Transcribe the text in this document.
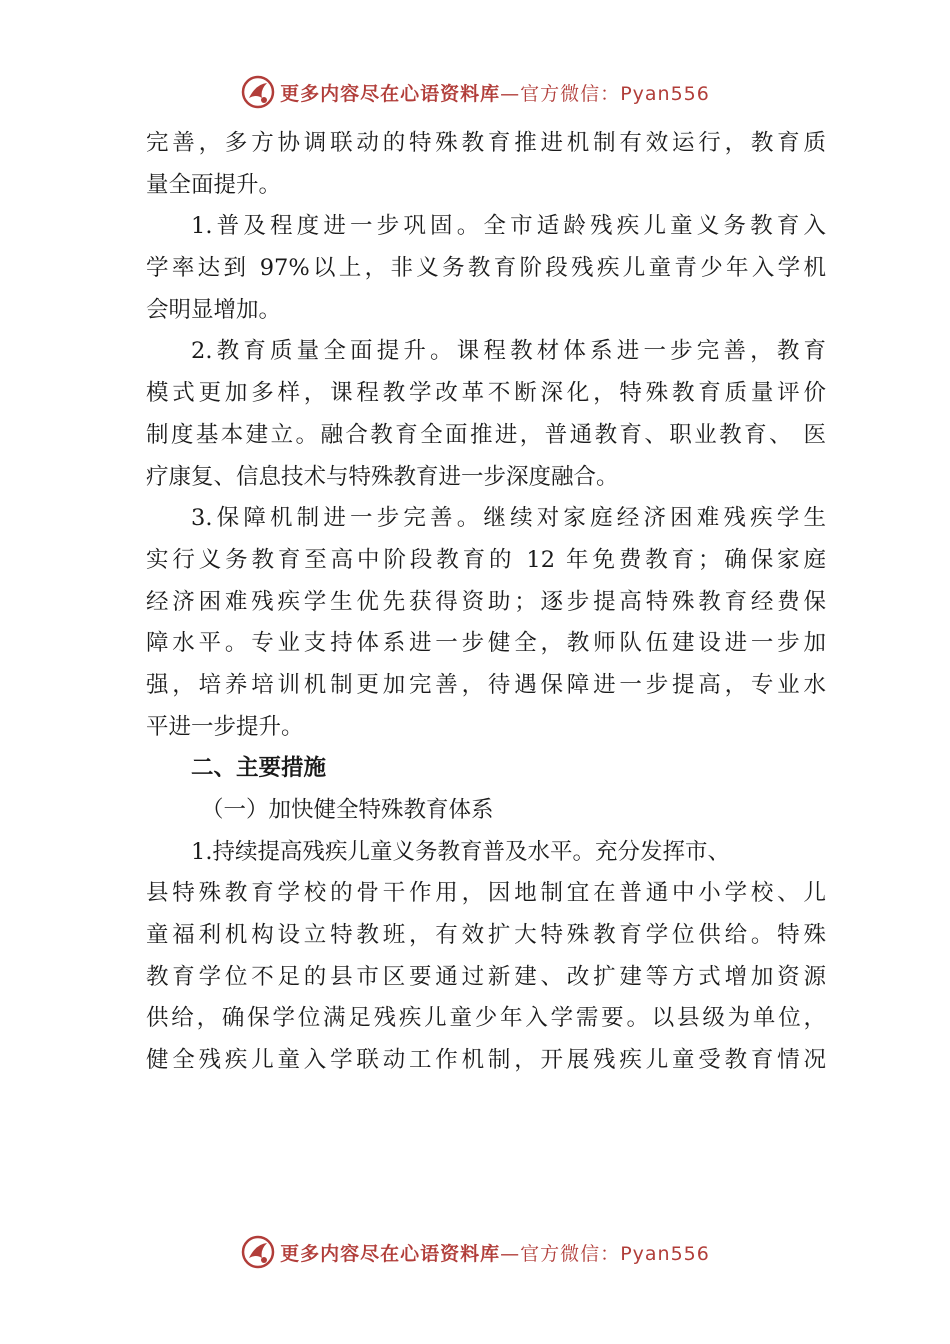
更多内容尽在心语资料库—官方微信：Pyan556
完善，多方协调联动的特殊教育推进机制有效运行，教育质
量全面提升。
1.普及程度进一步巩固。全市适龄残疾儿童义务教育入
学率达到 97%以上，非义务教育阶段残疾儿童青少年入学机
会明显增加。
2.教育质量全面提升。课程教材体系进一步完善，教育
模式更加多样，课程教学改革不断深化，特殊教育质量评价
制度基本建立。融合教育全面推进，普通教育、职业教育、 医
疗康复、信息技术与特殊教育进一步深度融合。
3.保障机制进一步完善。继续对家庭经济困难残疾学生
实行义务教育至高中阶段教育的 12 年免费教育；确保家庭
经济困难残疾学生优先获得资助；逐步提高特殊教育经费保
障水平。专业支持体系进一步健全，教师队伍建设进一步加
强，培养培训机制更加完善，待遇保障进一步提高，专业水
平进一步提升。
二、主要措施
（一）加快健全特殊教育体系
1.持续提高残疾儿童义务教育普及水平。充分发挥市、
县特殊教育学校的骨干作用，因地制宜在普通中小学校、儿
童福利机构设立特教班，有效扩大特殊教育学位供给。特殊
教育学位不足的县市区要通过新建、改扩建等方式增加资源
供给，确保学位满足残疾儿童少年入学需要。以县级为单位，
健全残疾儿童入学联动工作机制，开展残疾儿童受教育情况
更多内容尽在心语资料库—官方微信：Pyan556
